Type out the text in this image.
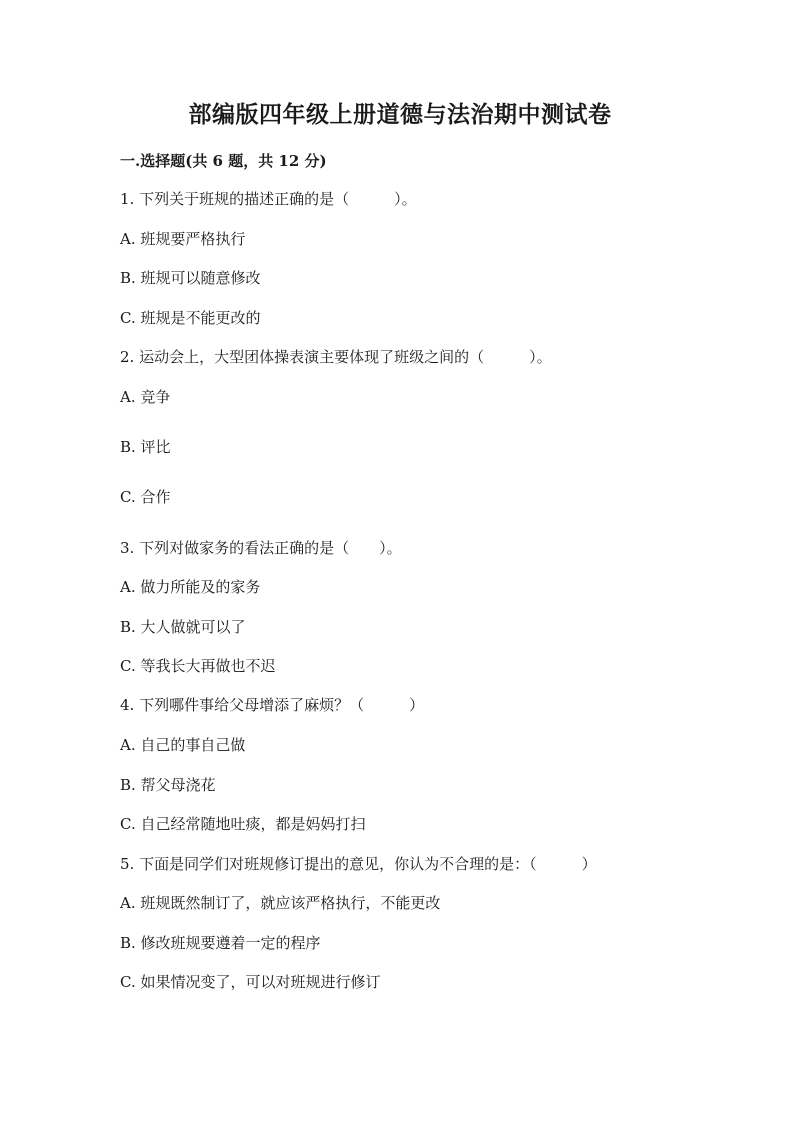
部编版四年级上册道德与法治期中测试卷
一.选择题(共 6 题，共 12 分)
1. 下列关于班规的描述正确的是（　　　）。
A. 班规要严格执行
B. 班规可以随意修改
C. 班规是不能更改的
2. 运动会上，大型团体操表演主要体现了班级之间的（　　　）。
A. 竞争
B. 评比
C. 合作
3. 下列对做家务的看法正确的是（　　）。
A. 做力所能及的家务
B. 大人做就可以了
C. 等我长大再做也不迟
4. 下列哪件事给父母增添了麻烦？（　　　）
A. 自己的事自己做
B. 帮父母浇花
C. 自己经常随地吐痰，都是妈妈打扫
5. 下面是同学们对班规修订提出的意见，你认为不合理的是：（　　　）
A. 班规既然制订了，就应该严格执行，不能更改
B. 修改班规要遵着一定的程序
C. 如果情况变了，可以对班规进行修订
